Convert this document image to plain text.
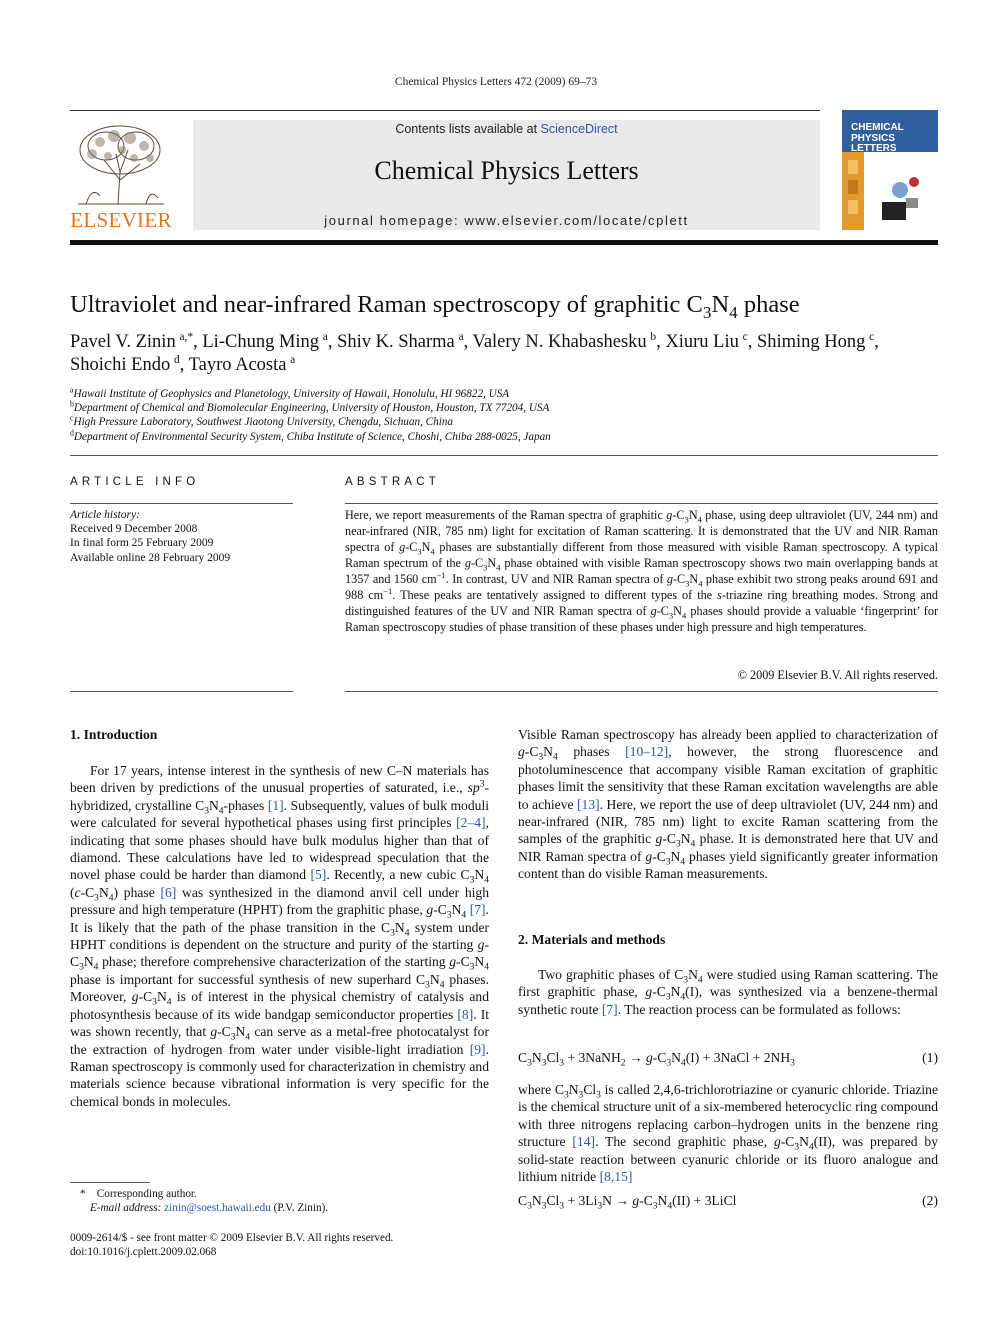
Chemical Physics Letters 472 (2009) 69–73
ELSEVIER
Contents lists available at ScienceDirect
Chemical Physics Letters
journal homepage: www.elsevier.com/locate/cplett
CHEMICAL
PHYSICS
LETTERS
Ultraviolet and near-infrared Raman spectroscopy of graphitic $C_3N_4$ phase
Pavel V. Zinin  $^{a,*}$, Li-Chung Ming  $^a$, Shiv K. Sharma  $^a$, Valery N. Khabashesku  $^b$, Xiuru Liu  $^c$, Shiming Hong  $^c$,
Shoichi Endo  $^d$, Tayro Acosta  $^a$
$^a$Hawaii Institute of Geophysics and Planetology, University of Hawaii, Honolulu, HI 96822, USA
$^b$Department of Chemical and Biomolecular Engineering, University of Houston, Houston, TX 77204, USA
$^c$High Pressure Laboratory, Southwest Jiaotong University, Chengdu, Sichuan, China
$^d$Department of Environmental Security System, Chiba Institute of Science, Choshi, Chiba 288-0025, Japan
ARTICLE INFO	ABSTRACT
Article history:
Received 9 December 2008
In final form 25 February 2009
Available online 28 February 2009
Here, we report measurements of the Raman spectra of graphitic $g-C_3N_4$ phase, using deep ultraviolet (UV, 244 nm) and near-infrared (NIR, 785 nm) light for excitation of Raman scattering. It is demonstrated that the UV and NIR Raman spectra of $g-C_3N_4$ phases are substantially different from those measured with visible Raman spectroscopy. A typical Raman spectrum of the $g-C_3N_4$ phase obtained with visible Raman spectroscopy shows two main overlapping bands at 1357 and 1560 $cm^{-1}$. In contrast, UV and NIR Raman spectra of $g-C_3N_4$ phase exhibit two strong peaks around 691 and 988 $cm^{-1}$. These peaks are tentatively assigned to different types of the s-triazine ring breathing modes. Strong and distinguished features of the UV and NIR Raman spectra of $g-C_3N_4$ phases should provide a valuable ‘fingerprint’ for Raman spectroscopy studies of phase transition of these phases under high pressure and high temperatures.
© 2009 Elsevier B.V. All rights reserved.
1. Introduction

For 17 years, intense interest in the synthesis of new C–N materials has been driven by predictions of the unusual properties of saturated, i.e., $sp^3$-hybridized, crystalline $C_3N_4$-phases [1]. Subsequently, values of bulk moduli were calculated for several hypothetical phases using first principles [2–4], indicating that some phases should have bulk modulus higher than that of diamond. These calculations have led to widespread speculation that the novel phase could be harder than diamond [5]. Recently, a new cubic $C_3N_4$ $(c-C_3N_4)$ phase [6] was synthesized in the diamond anvil cell under high pressure and high temperature (HPHT) from the graphitic phase, $g-C_3N_4$ [7]. It is likely that the path of the phase transition in the $C_3N_4$ system under HPHT conditions is dependent on the structure and purity of the starting $g-C_3N_4$ phase; therefore comprehensive characterization of the starting $g-C_3N_4$ phase is important for successful synthesis of new superhard $C_3N_4$ phases. Moreover, $g-C_3N_4$ is of interest in the physical chemistry of catalysis and photosynthesis because of its wide bandgap semiconductor properties [8]. It was shown recently, that $g-C_3N_4$ can serve as a metal-free photocatalyst for the extraction of hydrogen from water under visible-light irradiation [9]. Raman spectroscopy is commonly used for characterization in chemistry and materials science because vibrational information is very specific for the chemical bonds in molecules.

Visible Raman spectroscopy has already been applied to characterization of $g-C_3N_4$ phases [10–12], however, the strong fluorescence and photoluminescence that accompany visible Raman excitation of graphitic phases limit the sensitivity that these Raman excitation wavelengths are able to achieve [13]. Here, we report the use of deep ultraviolet (UV, 244 nm) and near-infrared (NIR, 785 nm) light to excite Raman scattering from the samples of the graphitic $g-C_3N_4$ phase. It is demonstrated here that UV and NIR Raman spectra of $g-C_3N_4$ phases yield significantly greater information content than do visible Raman measurements.

2. Materials and methods

Two graphitic phases of $C_3N_4$ were studied using Raman scattering. The first graphitic phase, $g-C_3N_4(I)$, was synthesized via a benzene-thermal synthetic route [7]. The reaction process can be formulated as follows:

$C_3N_3Cl_3$ + 3NaNH$_2$ → $g-C_3N_4(I)$ + 3NaCl + $2NH_3$	(1)

where $C_3N_3Cl_3$ is called 2,4,6-trichlorotriazine or cyanuric chloride. Triazine is the chemical structure unit of a six-membered heterocyclic ring compound with three nitrogens replacing carbon–hydrogen units in the benzene ring structure [14]. The second graphitic phase, $g-C_3N_4(II)$, was prepared by solid-state reaction between cyanuric chloride or its fluoro analogue and lithium nitride [8,15]

$C_3N_3Cl_3 + 3Li_3N \to g-C_3N_4(II)$ + 3LiCl	(2)
* Corresponding author.
E-mail address: zinin@soest.hawaii.edu (P.V. Zinin).
0009-2614/$ - see front matter © 2009 Elsevier B.V. All rights reserved.
doi:10.1016/j.cplett.2009.02.068
